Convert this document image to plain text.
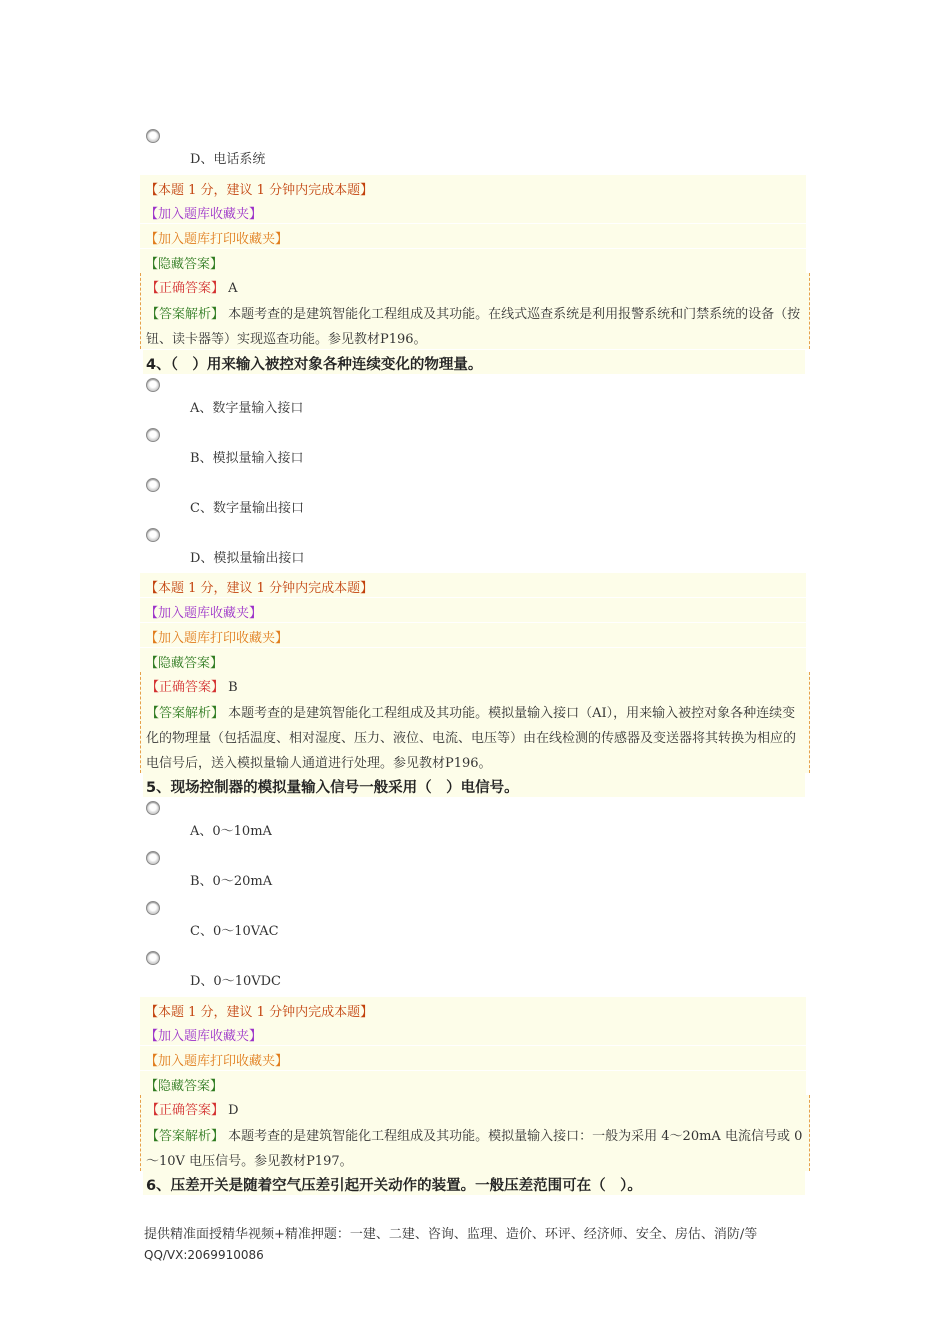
D、电话系统
【本题 1 分，建议 1 分钟内完成本题】
【加入题库收藏夹】
【加入题库打印收藏夹】
【隐藏答案】
【正确答案】 A
【答案解析】 本题考查的是建筑智能化工程组成及其功能。在线式巡查系统是利用报警系统和门禁系统的设备（按钮、读卡器等）实现巡查功能。参见教材P196。
4、（　）用来输入被控对象各种连续变化的物理量。
A、数字量输入接口
B、模拟量输入接口
C、数字量输出接口
D、模拟量输出接口
【本题 1 分，建议 1 分钟内完成本题】
【加入题库收藏夹】
【加入题库打印收藏夹】
【隐藏答案】
【正确答案】 B
【答案解析】 本题考查的是建筑智能化工程组成及其功能。模拟量输入接口（AI），用来输入被控对象各种连续变化的物理量（包括温度、相对湿度、压力、液位、电流、电压等）由在线检测的传感器及变送器将其转换为相应的电信号后，送入模拟量输人通道进行处理。参见教材P196。
5、现场控制器的模拟量输入信号一般采用（　）电信号。
A、0～10mA
B、0～20mA
C、0～10VAC
D、0～10VDC
【本题 1 分，建议 1 分钟内完成本题】
【加入题库收藏夹】
【加入题库打印收藏夹】
【隐藏答案】
【正确答案】 D
【答案解析】 本题考查的是建筑智能化工程组成及其功能。模拟量输入接口：一般为采用 4～20mA 电流信号或 0～10V 电压信号。参见教材P197。
6、压差开关是随着空气压差引起开关动作的装置。一般压差范围可在（　）。
提供精准面授精华视频+精准押题：一建、二建、咨询、监理、造价、环评、经济师、安全、房估、消防/等 QQ/VX:2069910086
